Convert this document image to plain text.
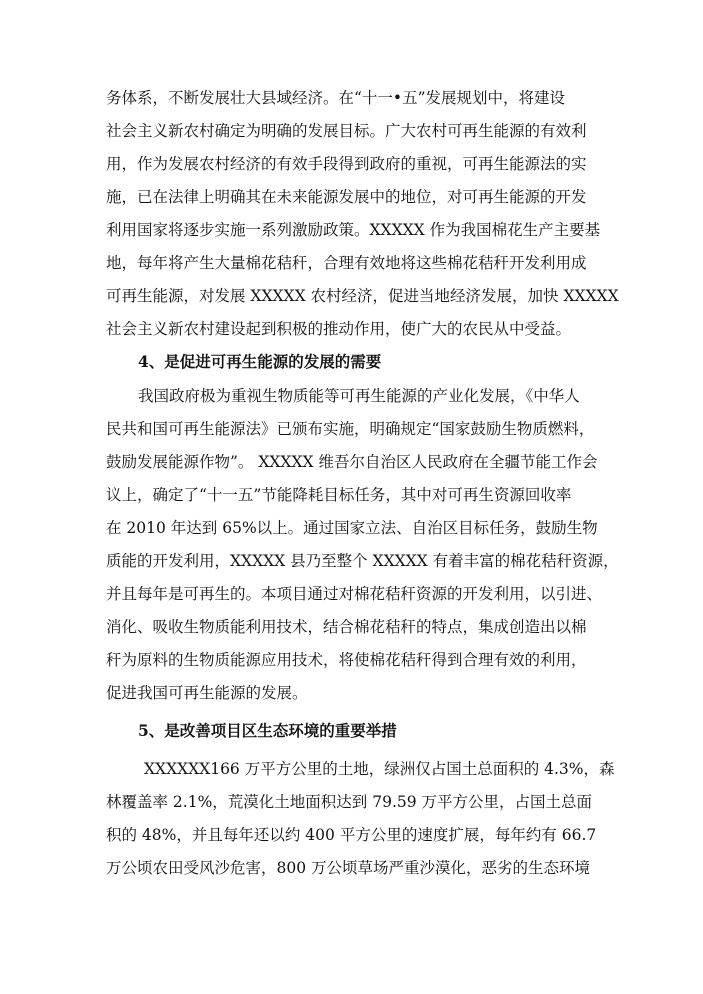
务体系，不断发展壮大县域经济。在“十一•五”发展规划中，将建设
社会主义新农村确定为明确的发展目标。广大农村可再生能源的有效利
用，作为发展农村经济的有效手段得到政府的重视，可再生能源法的实
施，已在法律上明确其在未来能源发展中的地位，对可再生能源的开发
利用国家将逐步实施一系列激励政策。XXXXX 作为我国棉花生产主要基
地，每年将产生大量棉花秸秆，合理有效地将这些棉花秸秆开发利用成
可再生能源，对发展 XXXXX 农村经济，促进当地经济发展，加快 XXXXX
社会主义新农村建设起到积极的推动作用，使广大的农民从中受益。
4、是促进可再生能源的发展的需要
我国政府极为重视生物质能等可再生能源的产业化发展，《中华人
民共和国可再生能源法》已颁布实施，明确规定“国家鼓励生物质燃料，
鼓励发展能源作物”。 XXXXX 维吾尔自治区人民政府在全疆节能工作会
议上，确定了“十一五”节能降耗目标任务，其中对可再生资源回收率
在 2010 年达到 65%以上。通过国家立法、自治区目标任务，鼓励生物
质能的开发利用，XXXXX 县乃至整个 XXXXX 有着丰富的棉花秸秆资源，
并且每年是可再生的。本项目通过对棉花秸秆资源的开发利用，以引进、
消化、吸收生物质能利用技术，结合棉花秸秆的特点，集成创造出以棉
秆为原料的生物质能源应用技术，将使棉花秸秆得到合理有效的利用，
促进我国可再生能源的发展。
5、是改善项目区生态环境的重要举措
XXXXXX166 万平方公里的土地，绿洲仅占国土总面积的 4.3%，森
林覆盖率 2.1%，荒漠化土地面积达到 79.59 万平方公里，占国土总面
积的 48%，并且每年还以约 400 平方公里的速度扩展，每年约有 66.7
万公顷农田受风沙危害，800 万公顷草场严重沙漠化，恶劣的生态环境
